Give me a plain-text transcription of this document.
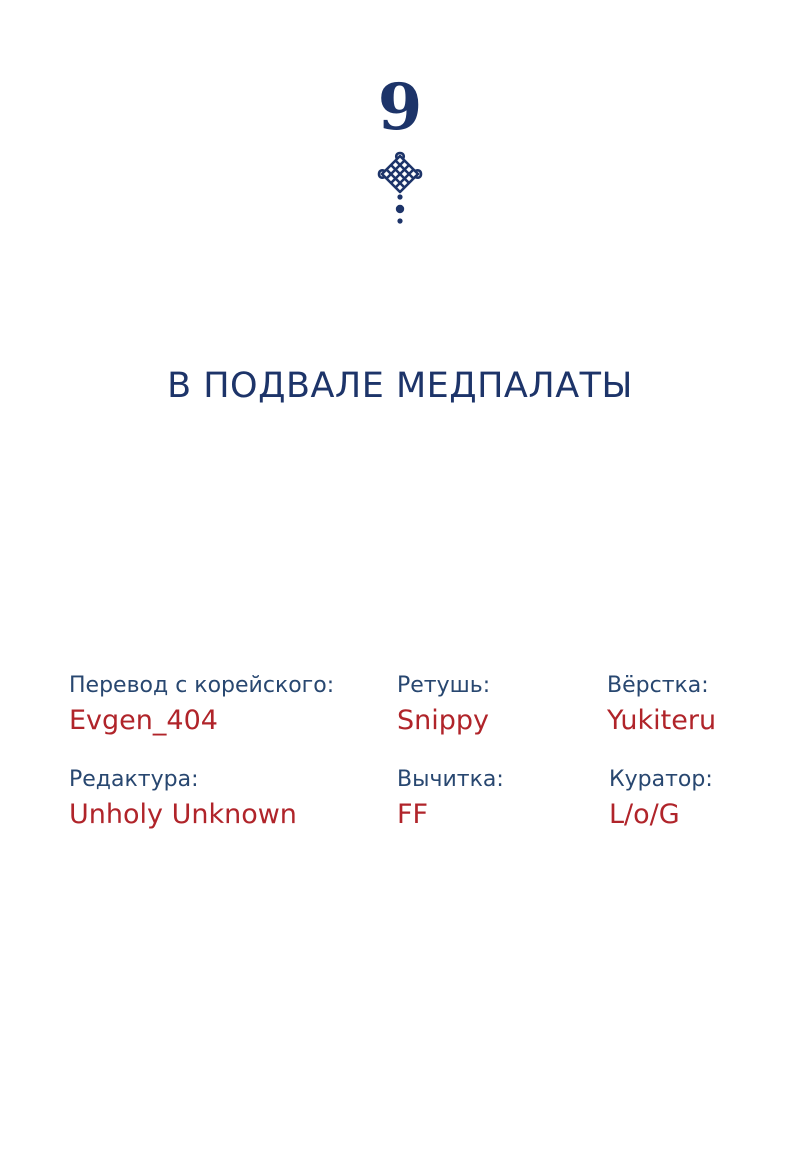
9
В ПОДВАЛЕ МЕДПАЛАТЫ
Перевод с корейского:
Evgen_404
Ретушь:
Snippy
Вёрстка:
Yukiteru
Редактура:
Unholy Unknown
Вычитка:
FF
Куратор:
L/o/G
